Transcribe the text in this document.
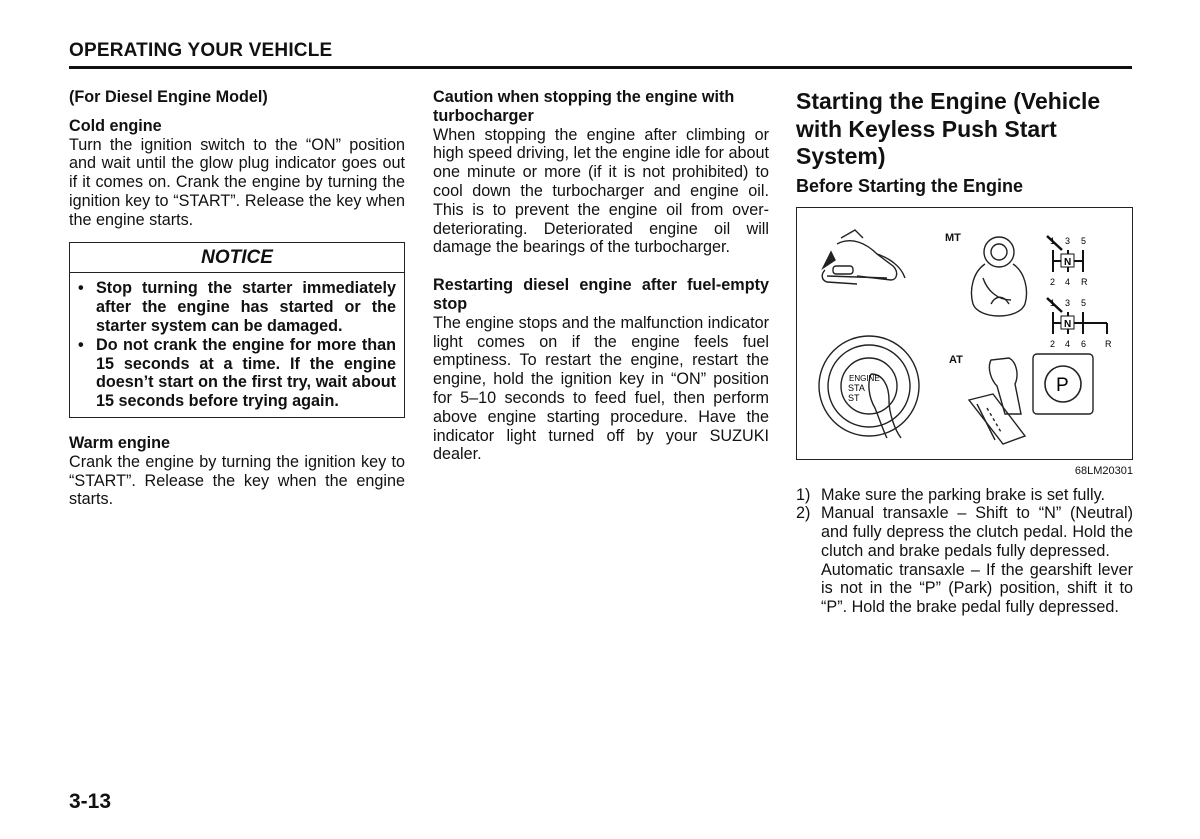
OPERATING YOUR VEHICLE

(For Diesel Engine Model)

Cold engine

Turn the ignition switch to the “ON” position and wait until the glow plug indicator goes out if it comes on. Crank the engine by turning the ignition key to “START”. Release the key when the engine starts.

NOTICE
• Stop turning the starter immediately after the engine has started or the starter system can be damaged.
• Do not crank the engine for more than 15 seconds at a time. If the engine doesn’t start on the first try, wait about 15 seconds before trying again.

Warm engine

Crank the engine by turning the ignition key to “START”. Release the key when the engine starts.

Caution when stopping the engine with turbocharger

When stopping the engine after climbing or high speed driving, let the engine idle for about one minute or more (if it is not prohibited) to cool down the turbocharger and engine oil. This is to prevent the engine oil from over-deteriorating. Deteriorated engine oil will damage the bearings of the turbocharger.

Restarting diesel engine after fuel-empty stop

The engine stops and the malfunction indicator light comes on if the engine feels fuel emptiness. To restart the engine, restart the engine, hold the ignition key in “ON” position for 5–10 seconds to feed fuel, then perform above engine starting procedure. Have the indicator light turned off by your SUZUKI dealer.

Starting the Engine (Vehicle with Keyless Push Start System)

Before Starting the Engine

MT
N
1 3 5
2 4 R
N
1 3 5
2 4 6 R
ENGINE
STA
ST
AT
P
68LM20301
1) Make sure the parking brake is set fully.

2) Manual transaxle – Shift to “N” (Neutral) and fully depress the clutch pedal. Hold the clutch and brake pedals fully depressed.

Automatic transaxle – If the gearshift lever is not in the “P” (Park) position, shift it to “P”. Hold the brake pedal fully depressed.

3-13
